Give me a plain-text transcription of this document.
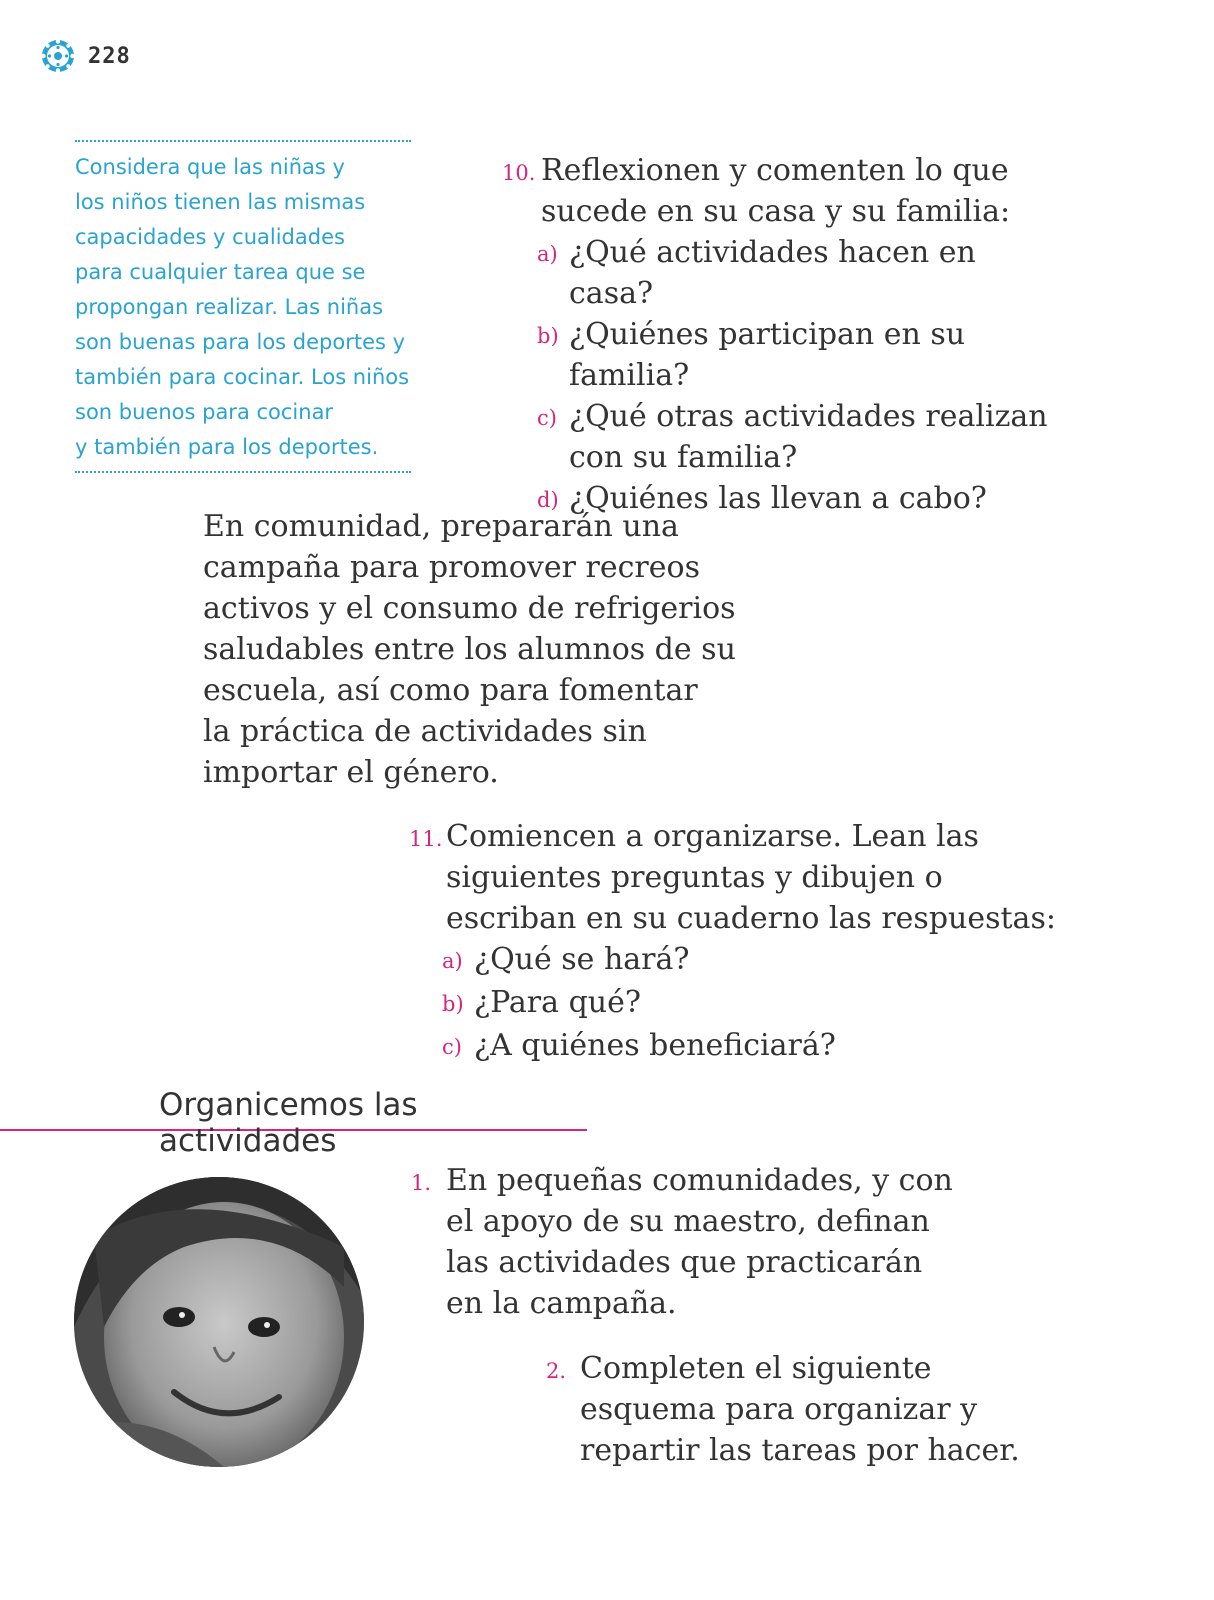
228

Considera que las niñas y
los niños tienen las mismas
capacidades y cualidades
para cualquier tarea que se
propongan realizar. Las niñas
son buenas para los deportes y
también para cocinar. Los niños
son buenos para cocinar
y también para los deportes.

10. Reflexionen y comenten lo que
sucede en su casa y su familia:
a) ¿Qué actividades hacen en casa?
b) ¿Quiénes participan en su
familia?
c) ¿Qué otras actividades realizan
con su familia?
d) ¿Quiénes las llevan a cabo?

En comunidad, prepararán una
campaña para promover recreos
activos y el consumo de refrigerios
saludables entre los alumnos de su
escuela, así como para fomentar
la práctica de actividades sin
importar el género.

11. Comiencen a organizarse. Lean las
siguientes preguntas y dibujen o
escriban en su cuaderno las respuestas:
a) ¿Qué se hará?
b) ¿Para qué?
c) ¿A quiénes beneficiará?
Organicemos las actividades
1. En pequeñas comunidades, y con
el apoyo de su maestro, definan
las actividades que practicarán
en la campaña.
2. Completen el siguiente
esquema para organizar y
repartir las tareas por hacer.
